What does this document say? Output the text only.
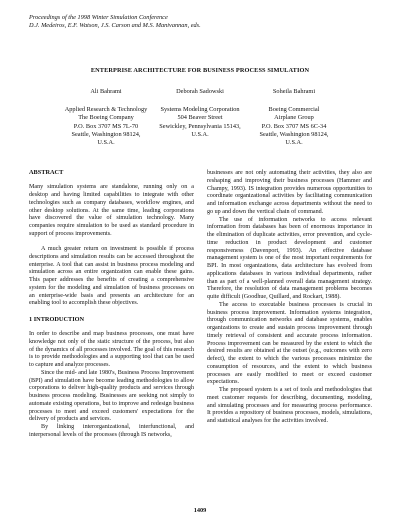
Proceedings of the 1998 Winter Simulation Conference
D.J. Medeiros, E.F. Watson, J.S. Carson and M.S. Manivannan, eds.
ENTERPRISE ARCHITECTURE FOR BUSINESS PROCESS SIMULATION
Ali Bahrami
Applied Research & Technology
The Boeing Company
P.O. Box 3707 MS 7L-70
Seattle, Washington 98124,
U.S.A.
Deborah Sadowski
Systems Modeling Corporation
504 Beaver Street
Sewickley, Pennsylvania 15143,
U.S.A.
Soheila Bahrami
Boeing Commercial
Airplane Group
P.O. Box 3707 MS 6C-34
Seattle, Washington 98124,
U.S.A.
ABSTRACT

Many simulation systems are standalone, running only on a desktop and having limited capabilities to integrate with other technologies such as company databases, workflow engines, and other desktop solutions. At the same time, leading corporations have discovered the value of simulation technology. Many companies require simulation to be used as standard procedure in support of process improvements.

A much greater return on investment is possible if process descriptions and simulation results can be accessed throughout the enterprise. A tool that can assist in business process modeling and simulation across an entire organization can enable these gains. This paper addresses the benefits of creating a comprehensive system for the modeling and simulation of business processes on an enterprise-wide basis and presents an architecture for an enabling tool to accomplish these objectives.

1 INTRODUCTION

In order to describe and map business processes, one must have knowledge not only of the static structure of the process, but also of the dynamics of all processes involved. The goal of this research is to provide methodologies and a supporting tool that can be used to capture and analyze processes.

Since the mid- and late 1980's, Business Process Improvement (BPI) and simulation have become leading methodologies to allow corporations to deliver high-quality products and services through business process modeling. Businesses are seeking not simply to automate existing operations, but to improve and redesign business processes to meet and exceed customers' expectations for the delivery of products and services.

By linking interorganizational, interfunctional, and interpersonal levels of the processes (through IS networks,

businesses are not only automating their activities, they also are reshaping and improving their business processes (Hammer and Champy, 1993). IS integration provides numerous opportunities to coordinate organizational activities by facilitating communication and information exchange across departments without the need to go up and down the vertical chain of command.

The use of information networks to access relevant information from databases has been of enormous importance in the elimination of duplicate activities, error prevention, and cycle-time reduction in product development and customer responsiveness (Davenport, 1993). An effective database management system is one of the most important requirements for BPI. In most organizations, data architecture has evolved from applications databases in various individual departments, rather than as part of a well-planned overall data management strategy. Therefore, the resolution of data management problems becomes quite difficult (Goodhue, Quillard, and Rockart, 1988).

The access to executable business processes is crucial in business process improvement. Information systems integration, through communication networks and database systems, enables organizations to create and sustain process improvement through timely retrieval of consistent and accurate process information. Process improvement can be measured by the extent to which the desired results are obtained at the outset (e.g., outcomes with zero defect), the extent to which the various processes minimize the consumption of resources, and the extent to which business processes are easily modified to meet or exceed customer expectations.

The proposed system is a set of tools and methodologies that meet customer requests for describing, documenting, modeling, and simulating processes and for measuring process performance. It provides a repository of business processes, models, simulations, and statistical analyses for the activities involved.

1409
